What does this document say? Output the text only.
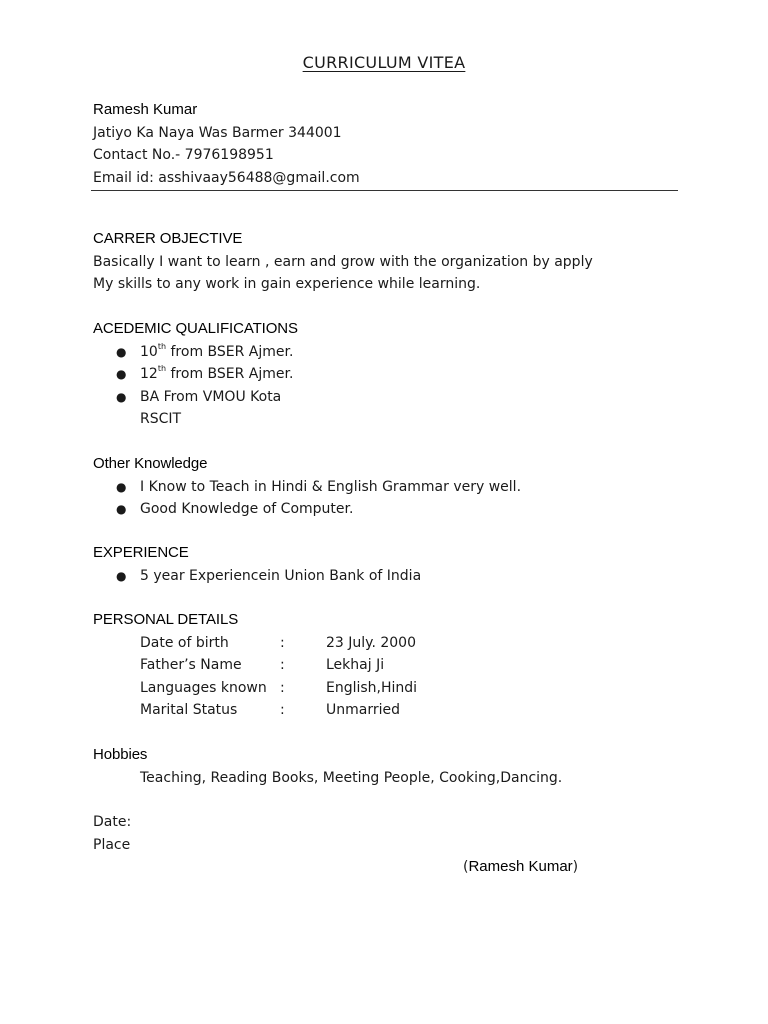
CURRICULUM VITEA
Ramesh Kumar
Jatiyo Ka Naya Was Barmer 344001
Contact No.- 7976198951
Email id: asshivaay56488@gmail.com
CARRER OBJECTIVE
Basically I want to learn , earn and grow with the organization by apply
My skills to any work in gain experience while learning.
ACEDEMIC QUALIFICATIONS
● 10th from BSER Ajmer.
● 12th from BSER Ajmer.
● BA From VMOU Kota
RSCIT
Other Knowledge
● I Know to Teach in Hindi & English Grammar very well.
● Good Knowledge of Computer.
EXPERIENCE
● 5 year Experiencein Union Bank of India
PERSONAL DETAILS
Date of birth	:	23 July. 2000
Father’s Name	:	Lekhaj Ji
Languages known :	English,Hindi
Marital Status	:	Unmarried
Hobbies
Teaching, Reading Books, Meeting People, Cooking,Dancing.
Date:
Place
(Ramesh Kumar)
